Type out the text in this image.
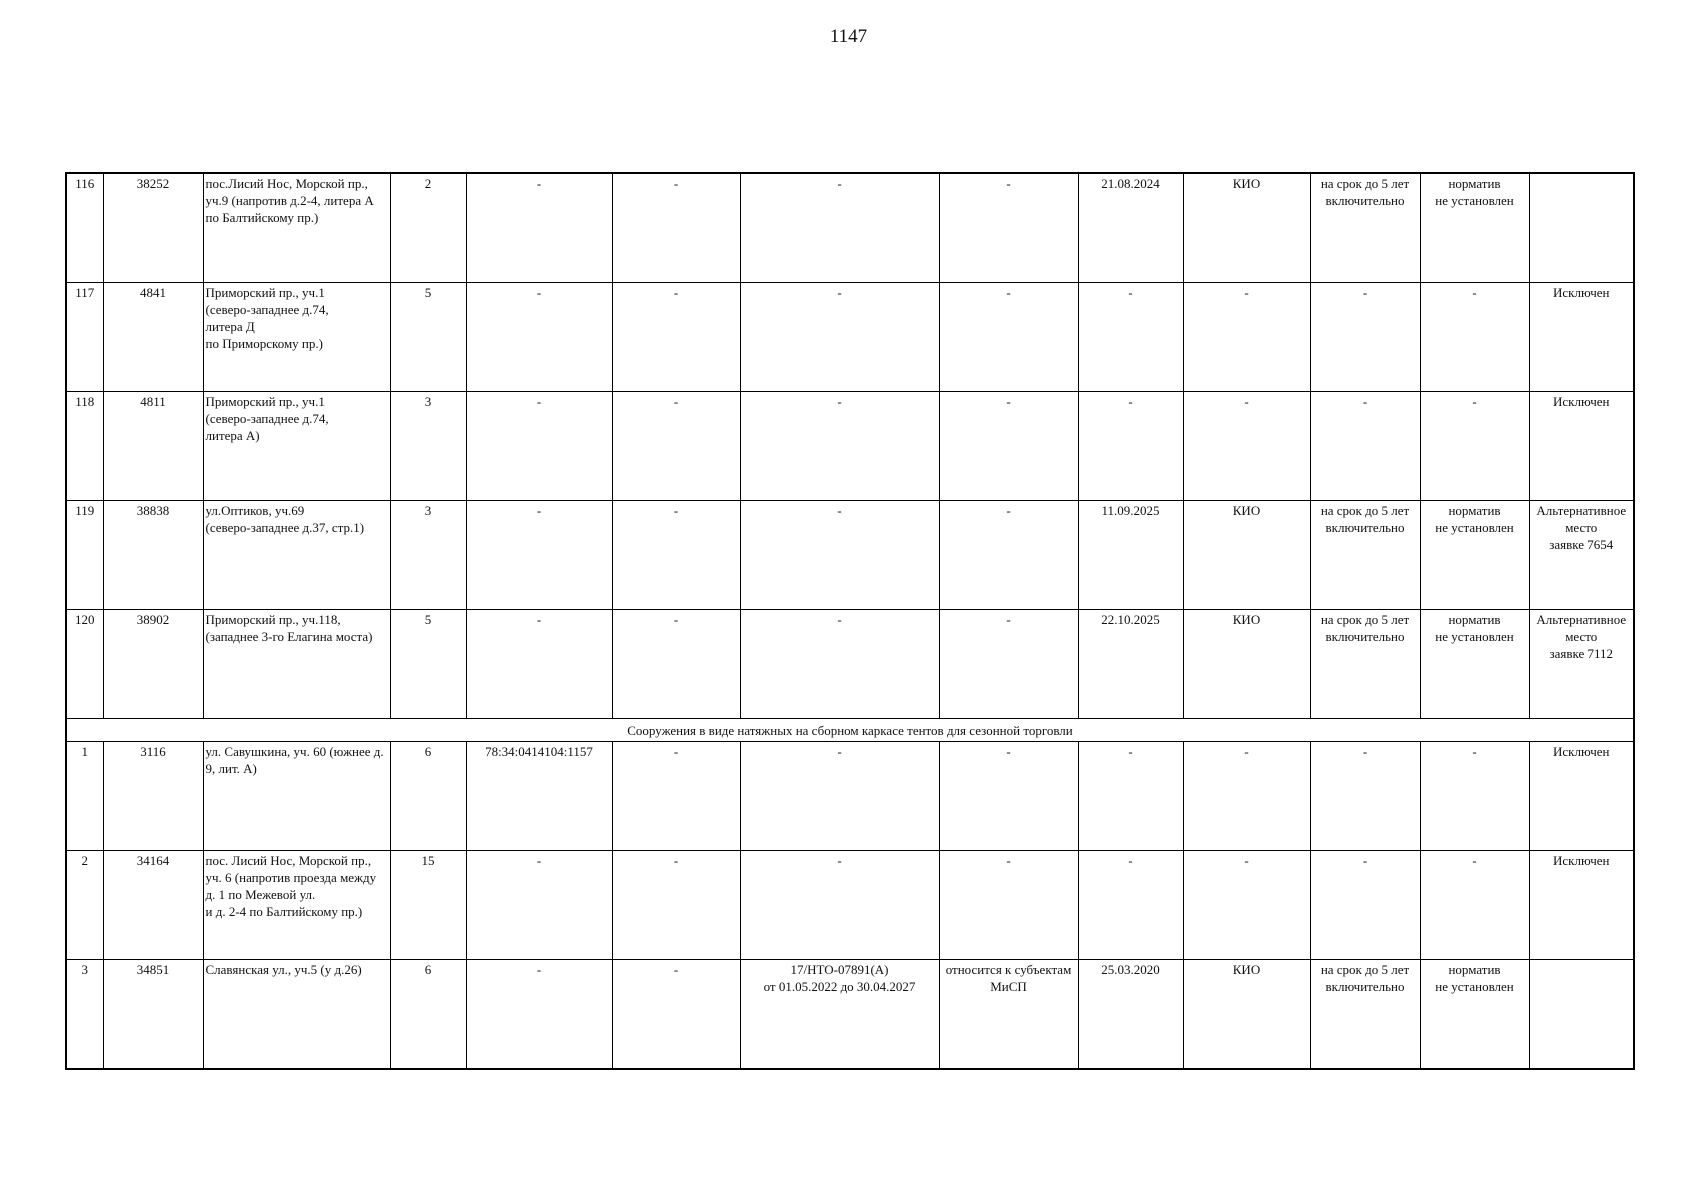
1147
116	38252	пос.Лисий Нос, Морской пр., уч.9 (напротив д.2-4, литера А по Балтийскому пр.)	2	-	-	-	-	21.08.2024	КИО	на срок до 5 лет включительно	норматив
не установлен	
117	4841	Приморский пр., уч.1
(северо-западнее д.74,
литера Д
по Приморскому пр.)	5	-	-	-	-	-	-	-	-	Исключен
118	4811	Приморский пр., уч.1
(северо-западнее д.74,
литера А)	3	-	-	-	-	-	-	-	-	Исключен
119	38838	ул.Оптиков, уч.69
(северо-западнее д.37, стр.1)	3	-	-	-	-	11.09.2025	КИО	на срок до 5 лет включительно	норматив
не установлен	Альтернативное место
заявке 7654
120	38902	Приморский пр., уч.118,
(западнее 3-го Елагина моста)	5	-	-	-	-	22.10.2025	КИО	на срок до 5 лет включительно	норматив
не установлен	Альтернативное место
заявке 7112
Сооружения в виде натяжных на сборном каркасе тентов для сезонной торговли												
1	3116	ул. Савушкина, уч. 60 (южнее д. 9, лит. А)	6	78:34:0414104:1157	-	-	-	-	-	-	-	Исключен
2	34164	пос. Лисий Нос, Морской пр., уч. 6 (напротив проезда между д. 1 по Межевой ул.
и д. 2-4 по Балтийскому пр.)	15	-	-	-	-	-	-	-	-	Исключен
3	34851	Славянская ул., уч.5 (у д.26)	6	-	-	17/НТО-07891(А)
от 01.05.2022 до 30.04.2027	относится к субъектам МиСП	25.03.2020	КИО	на срок до 5 лет включительно	норматив
не установлен	
